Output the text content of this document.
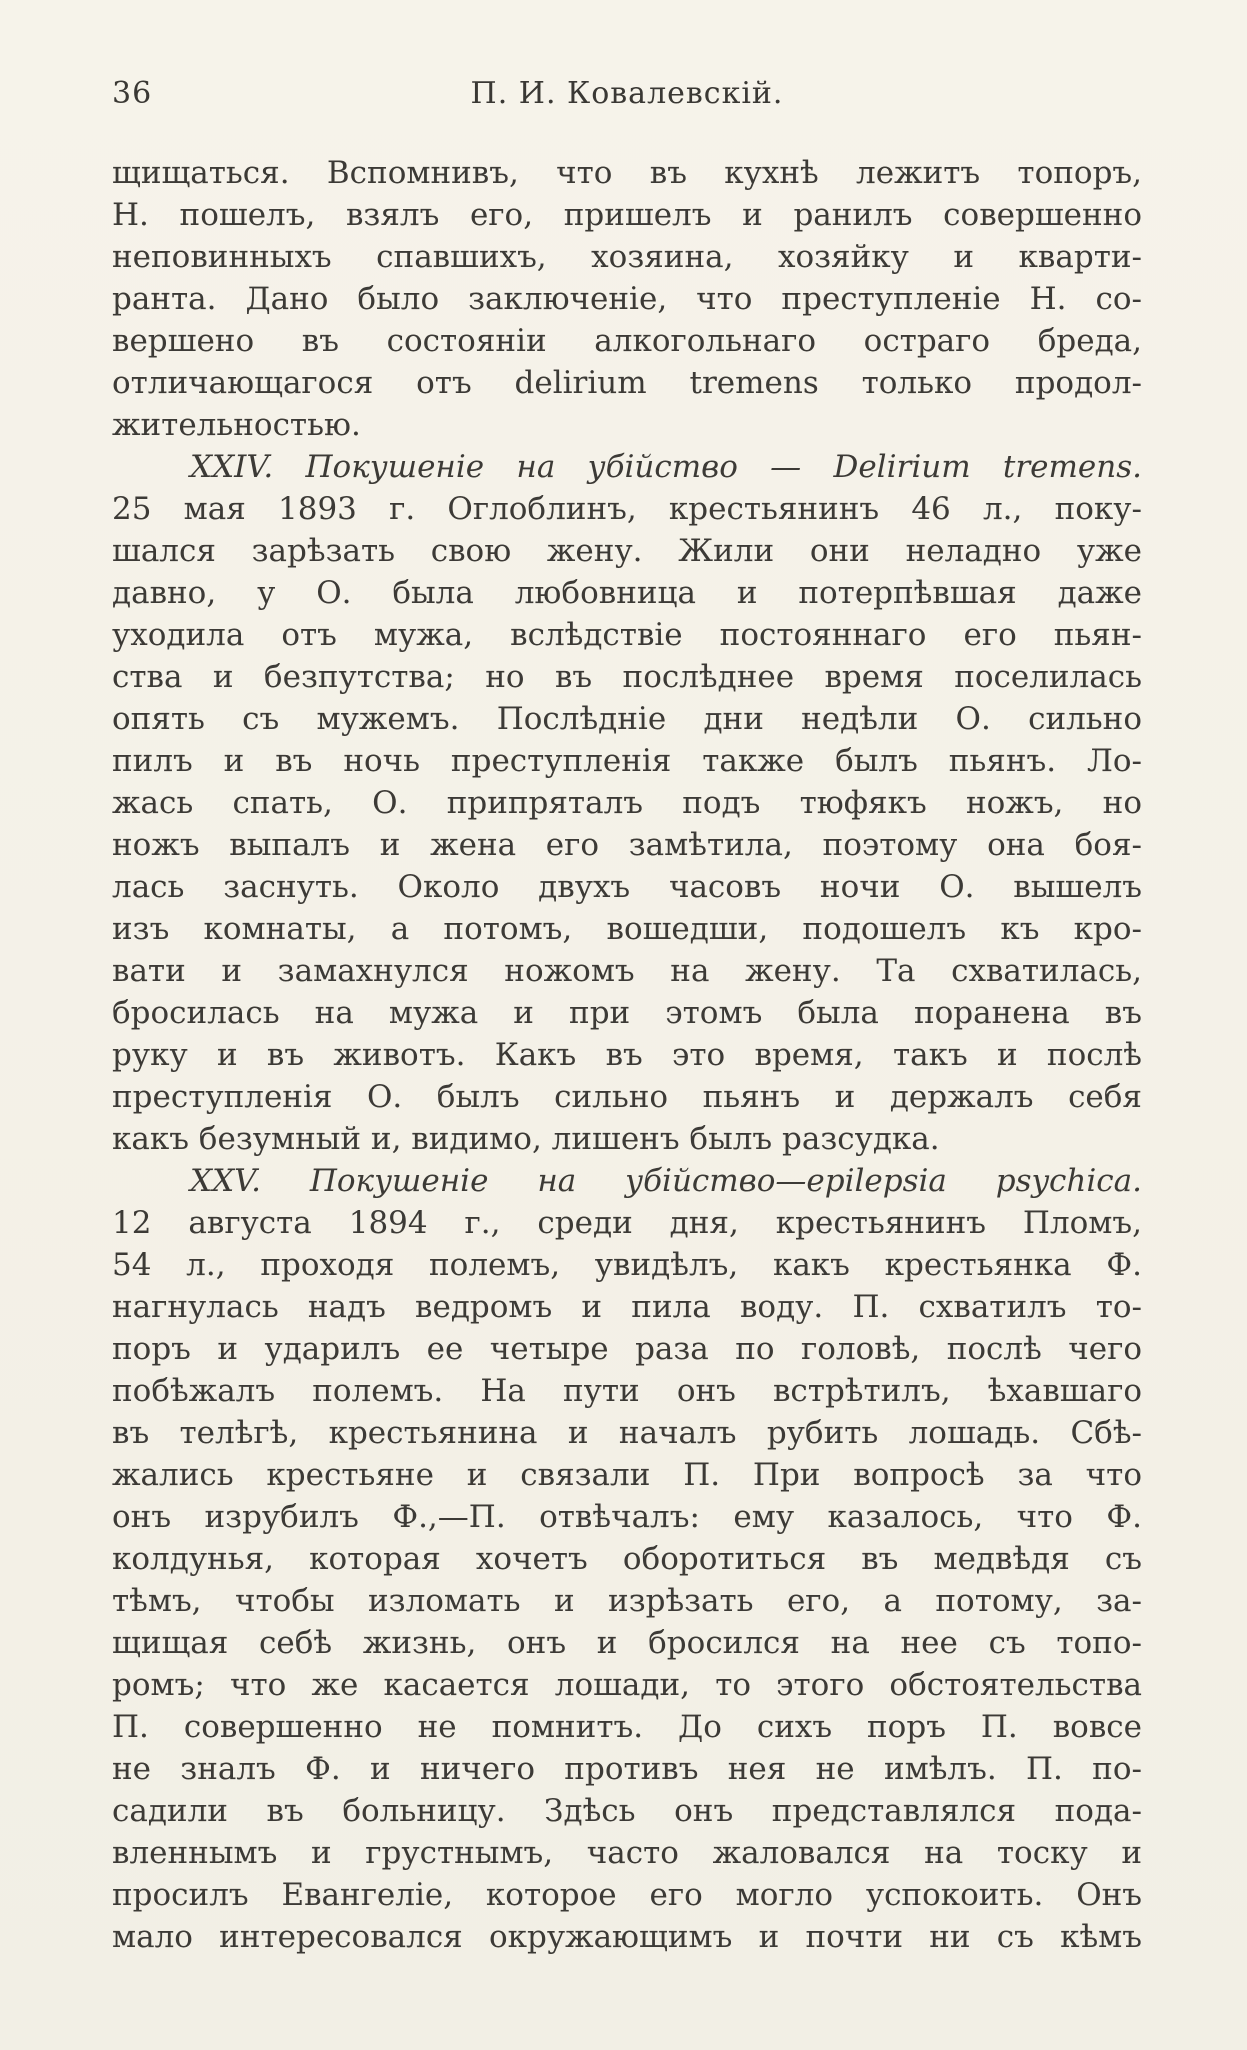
36	П. И. Ковалевскій.
щищаться. Вспомнивъ, что въ кухнѣ лежитъ топоръ,
Н. пошелъ, взялъ его, пришелъ и ранилъ совершенно
неповинныхъ спавшихъ, хозяина, хозяйку и кварти-
ранта. Дано было заключеніе, что преступленіе Н. со-
вершено въ состояніи алкогольнаго остраго бреда,
отличающагося отъ delirium tremens только продол-
жительностью.
XXIV. Покушеніе на убійство — Delirium tremens.
25 мая 1893 г. Оглоблинъ, крестьянинъ 46 л., поку-
шался зарѣзать свою жену. Жили они неладно уже
давно, у О. была любовница и потерпѣвшая даже
уходила отъ мужа, вслѣдствіе постояннаго его пьян-
ства и безпутства; но въ послѣднее время поселилась
опять съ мужемъ. Послѣдніе дни недѣли О. сильно
пилъ и въ ночь преступленія также былъ пьянъ. Ло-
жась спать, О. припряталъ подъ тюфякъ ножъ, но
ножъ выпалъ и жена его замѣтила, поэтому она боя-
лась заснуть. Около двухъ часовъ ночи О. вышелъ
изъ комнаты, а потомъ, вошедши, подошелъ къ кро-
вати и замахнулся ножомъ на жену. Та схватилась,
бросилась на мужа и при этомъ была поранена въ
руку и въ животъ. Какъ въ это время, такъ и послѣ
преступленія О. былъ сильно пьянъ и держалъ себя
какъ безумный и, видимо, лишенъ былъ разсудка.
XXV. Покушеніе на убійство—epilepsia psychica.
12 августа 1894 г., среди дня, крестьянинъ Пломъ,
54 л., проходя полемъ, увидѣлъ, какъ крестьянка Ф.
нагнулась надъ ведромъ и пила воду. П. схватилъ то-
поръ и ударилъ ее четыре раза по головѣ, послѣ чего
побѣжалъ полемъ. На пути онъ встрѣтилъ, ѣхавшаго
въ телѣгѣ, крестьянина и началъ рубить лошадь. Сбѣ-
жались крестьяне и связали П. При вопросѣ за что
онъ изрубилъ Ф.,—П. отвѣчалъ: ему казалось, что Ф.
колдунья, которая хочетъ оборотиться въ медвѣдя съ
тѣмъ, чтобы изломать и изрѣзать его, а потому, за-
щищая себѣ жизнь, онъ и бросился на нее съ топо-
ромъ; что же касается лошади, то этого обстоятельства
П. совершенно не помнитъ. До сихъ поръ П. вовсе
не зналъ Ф. и ничего противъ нея не имѣлъ. П. по-
садили въ больницу. Здѣсь онъ представлялся пода-
вленнымъ и грустнымъ, часто жаловался на тоску и
просилъ Евангеліе, которое его могло успокоить. Онъ
мало интересовался окружающимъ и почти ни съ кѣмъ
